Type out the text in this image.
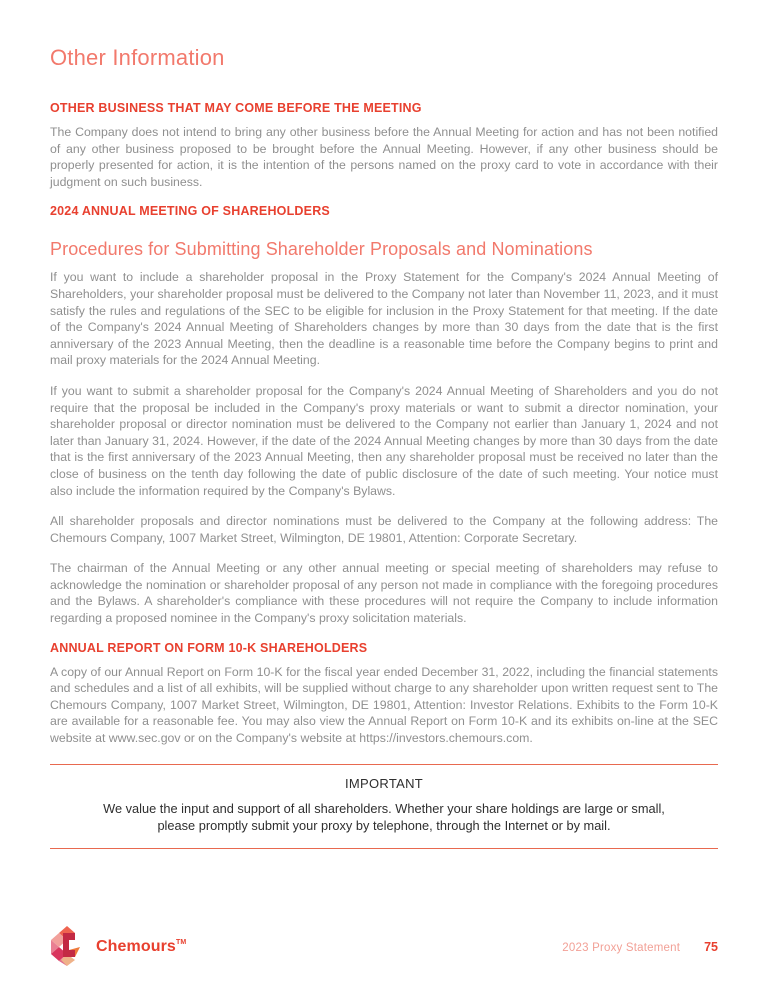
Other Information
OTHER BUSINESS THAT MAY COME BEFORE THE MEETING

The Company does not intend to bring any other business before the Annual Meeting for action and has not been notified of any other business proposed to be brought before the Annual Meeting. However, if any other business should be properly presented for action, it is the intention of the persons named on the proxy card to vote in accordance with their judgment on such business.

2024 ANNUAL MEETING OF SHAREHOLDERS
Procedures for Submitting Shareholder Proposals and Nominations

If you want to include a shareholder proposal in the Proxy Statement for the Company's 2024 Annual Meeting of Shareholders, your shareholder proposal must be delivered to the Company not later than November 11, 2023, and it must satisfy the rules and regulations of the SEC to be eligible for inclusion in the Proxy Statement for that meeting. If the date of the Company's 2024 Annual Meeting of Shareholders changes by more than 30 days from the date that is the first anniversary of the 2023 Annual Meeting, then the deadline is a reasonable time before the Company begins to print and mail proxy materials for the 2024 Annual Meeting.

If you want to submit a shareholder proposal for the Company's 2024 Annual Meeting of Shareholders and you do not require that the proposal be included in the Company's proxy materials or want to submit a director nomination, your shareholder proposal or director nomination must be delivered to the Company not earlier than January 1, 2024 and not later than January 31, 2024. However, if the date of the 2024 Annual Meeting changes by more than 30 days from the date that is the first anniversary of the 2023 Annual Meeting, then any shareholder proposal must be received no later than the close of business on the tenth day following the date of public disclosure of the date of such meeting. Your notice must also include the information required by the Company's Bylaws.

All shareholder proposals and director nominations must be delivered to the Company at the following address: The Chemours Company, 1007 Market Street, Wilmington, DE 19801, Attention: Corporate Secretary.

The chairman of the Annual Meeting or any other annual meeting or special meeting of shareholders may refuse to acknowledge the nomination or shareholder proposal of any person not made in compliance with the foregoing procedures and the Bylaws. A shareholder's compliance with these procedures will not require the Company to include information regarding a proposed nominee in the Company's proxy solicitation materials.

ANNUAL REPORT ON FORM 10-K SHAREHOLDERS

A copy of our Annual Report on Form 10-K for the fiscal year ended December 31, 2022, including the financial statements and schedules and a list of all exhibits, will be supplied without charge to any shareholder upon written request sent to The Chemours Company, 1007 Market Street, Wilmington, DE 19801, Attention: Investor Relations. Exhibits to the Form 10-K are available for a reasonable fee. You may also view the Annual Report on Form 10-K and its exhibits on-line at the SEC website at www.sec.gov or on the Company's website at https://investors.chemours.com.

IMPORTANT
We value the input and support of all shareholders. Whether your share holdings are large or small, please promptly submit your proxy by telephone, through the Internet or by mail.
Chemours™	2023 Proxy Statement 75
